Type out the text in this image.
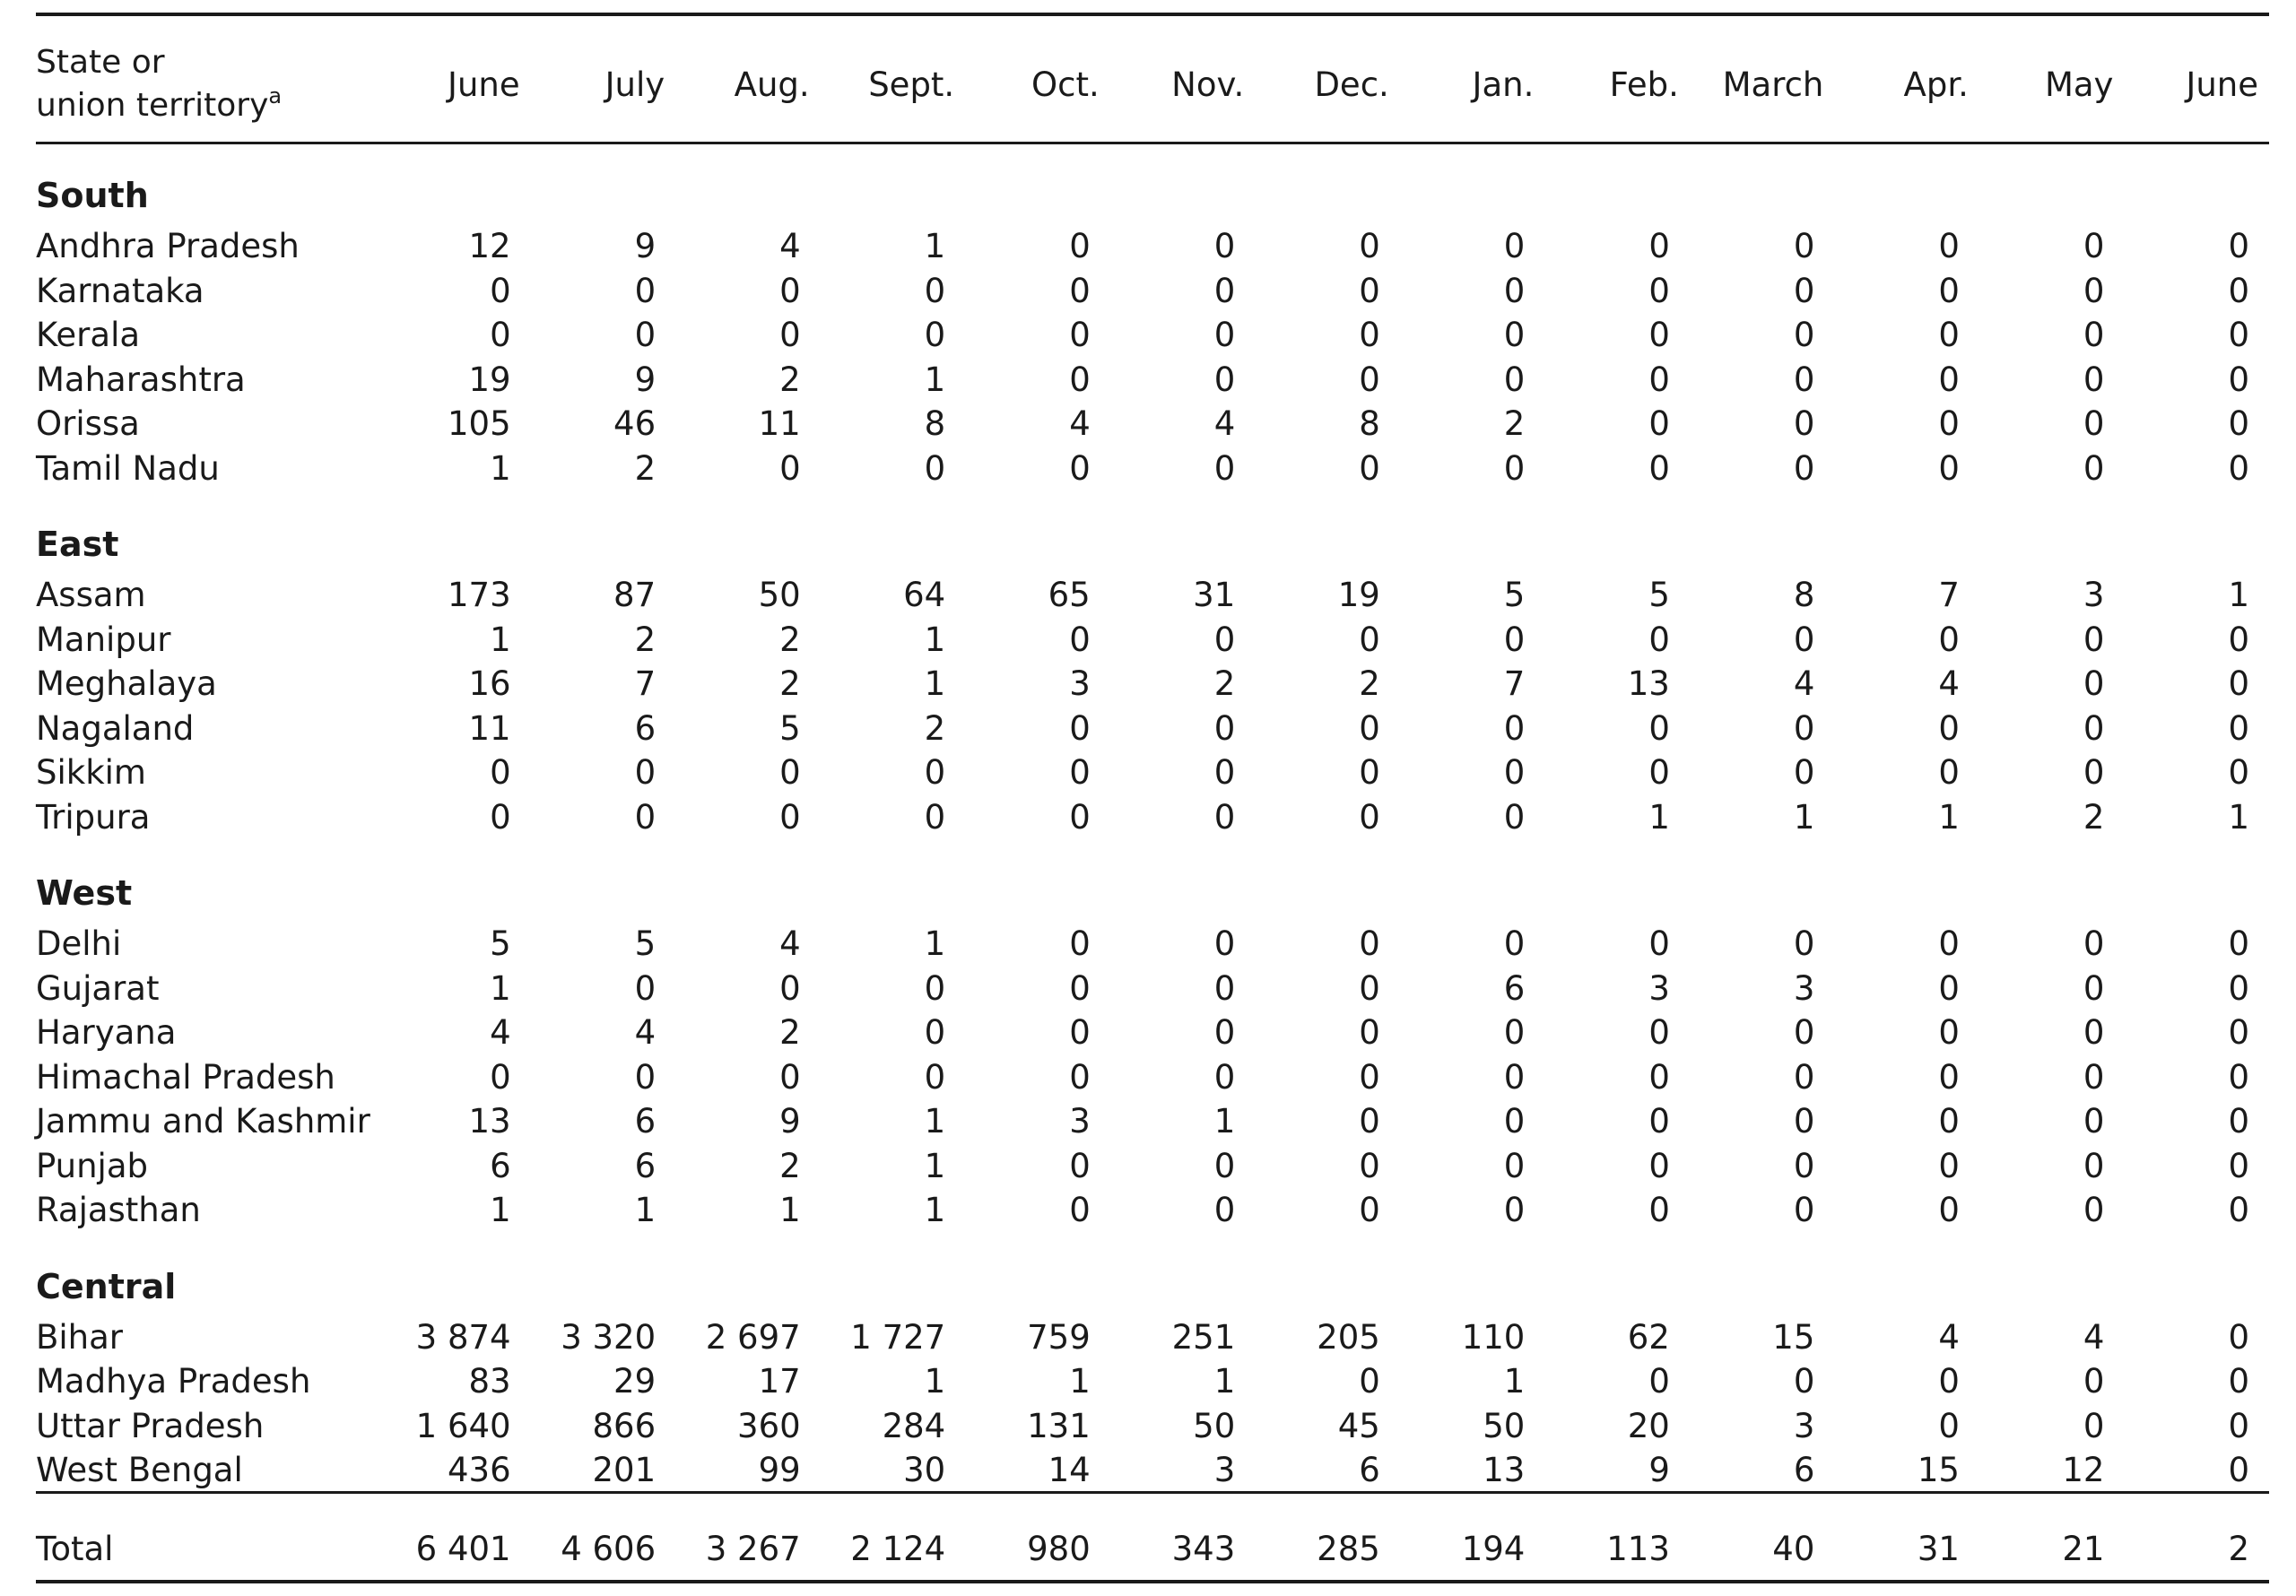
State or
union territory$^a$	June	July	Aug.	Sept.	Oct.	Nov.	Dec.	Jan.	Feb.	March	Apr.	May	June
South													
Andhra Pradesh	12	9	4	1	0	0	0	0	0	0	0	0	0
Karnataka	0	0	0	0	0	0	0	0	0	0	0	0	0
Kerala	0	0	0	0	0	0	0	0	0	0	0	0	0
Maharashtra	19	9	2	1	0	0	0	0	0	0	0	0	0
Orissa	105	46	11	8	4	4	8	2	0	0	0	0	0
Tamil Nadu	1	2	0	0	0	0	0	0	0	0	0	0	0
East													
Assam	173	87	50	64	65	31	19	5	5	8	7	3	1
Manipur	1	2	2	1	0	0	0	0	0	0	0	0	0
Meghalaya	16	7	2	1	3	2	2	7	13	4	4	0	0
Nagaland	11	6	5	2	0	0	0	0	0	0	0	0	0
Sikkim	0	0	0	0	0	0	0	0	0	0	0	0	0
Tripura	0	0	0	0	0	0	0	0	1	1	1	2	1
West													
Delhi	5	5	4	1	0	0	0	0	0	0	0	0	0
Gujarat	1	0	0	0	0	0	0	6	3	3	0	0	0
Haryana	4	4	2	0	0	0	0	0	0	0	0	0	0
Himachal Pradesh	0	0	0	0	0	0	0	0	0	0	0	0	0
Jammu and Kashmir	13	6	9	1	3	1	0	0	0	0	0	0	0
Punjab	6	6	2	1	0	0	0	0	0	0	0	0	0
Rajasthan	1	1	1	1	0	0	0	0	0	0	0	0	0
Central													
Bihar	3 874	3 320	2 697	1 727	759	251	205	110	62	15	4	4	0
Madhya Pradesh	83	29	17	1	1	1	0	1	0	0	0	0	0
Uttar Pradesh	1 640	866	360	284	131	50	45	50	20	3	0	0	0
West Bengal	436	201	99	30	14	3	6	13	9	6	15	12	0

Total	6 401	4 606	3 267	2 124	980	343	285	194	113	40	31	21	2
